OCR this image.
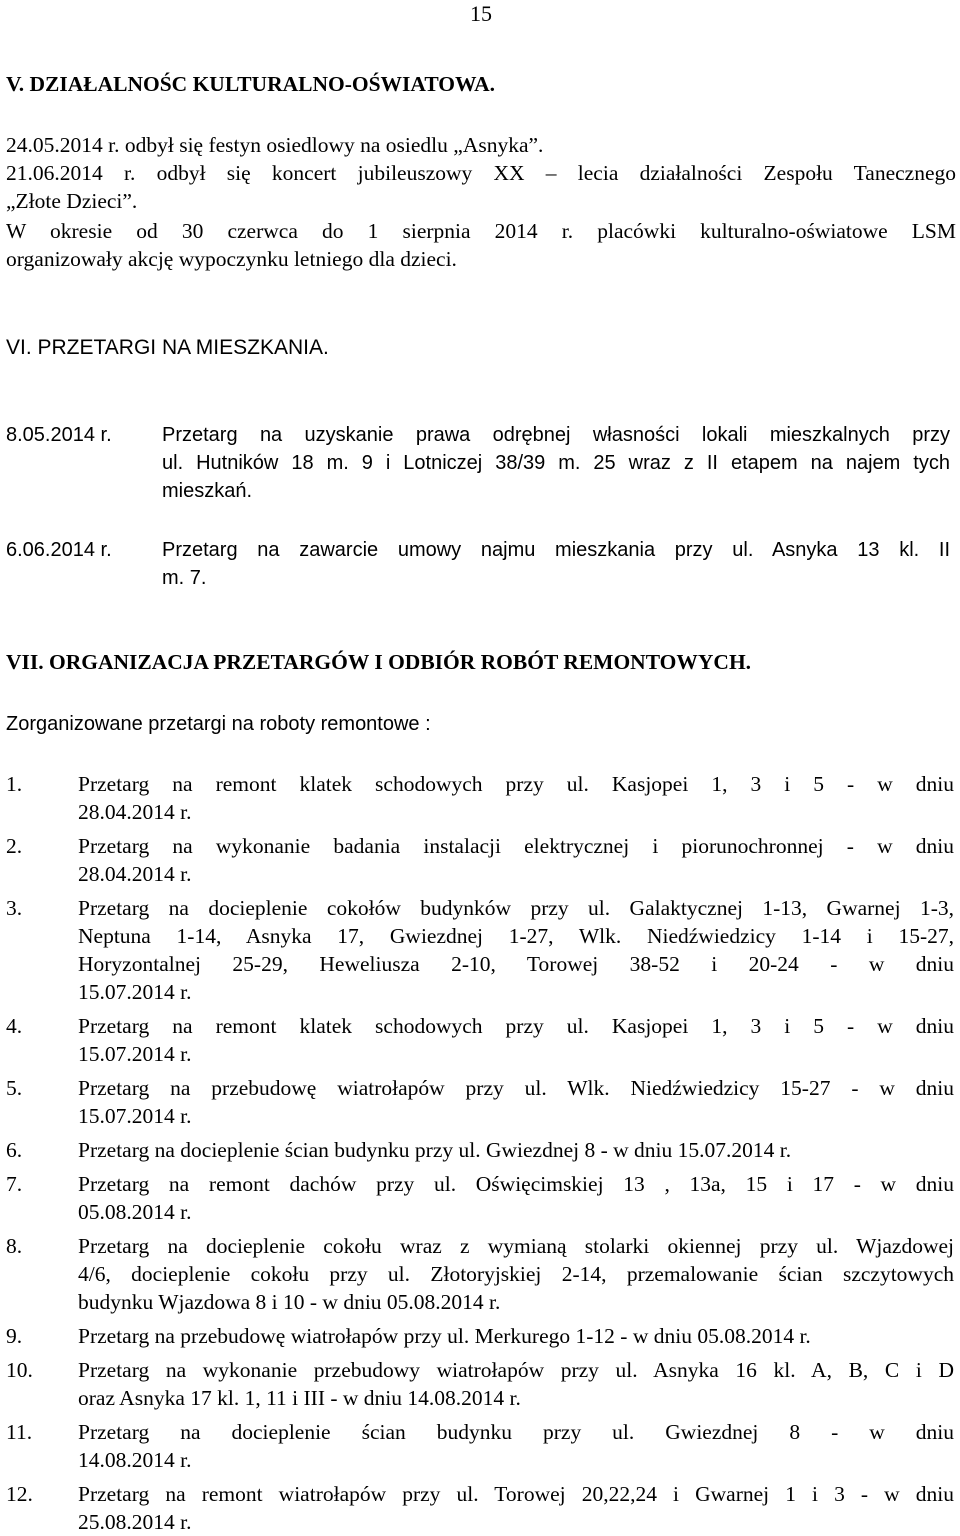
15
V. DZIAŁALNOŚC KULTURALNO-OŚWIATOWA.
24.05.2014 r. odbył się festyn osiedlowy na osiedlu „Asnyka”.
21.06.2014 r. odbył się koncert jubileuszowy XX – lecia działalności Zespołu Tanecznego
„Złote Dzieci”.
W okresie od 30 czerwca do 1 sierpnia 2014 r. placówki kulturalno-oświatowe LSM
organizowały akcję wypoczynku letniego dla dzieci.
VI. PRZETARGI NA MIESZKANIA.
8.05.2014 r.	Przetarg na uzyskanie prawa odrębnej własności lokali mieszkalnych przy
ul. Hutników 18 m. 9 i Lotniczej 38/39 m. 25 wraz z II etapem na najem tych
mieszkań.
6.06.2014 r.	Przetarg na zawarcie umowy najmu mieszkania przy ul. Asnyka 13 kl. II
m. 7.
VII. ORGANIZACJA PRZETARGÓW I ODBIÓR ROBÓT REMONTOWYCH.
Zorganizowane przetargi na roboty remontowe :
1.	Przetarg na remont klatek schodowych przy ul. Kasjopei 1, 3 i 5 - w dniu
28.04.2014 r.
2.	Przetarg na wykonanie badania instalacji elektrycznej i piorunochronnej - w dniu
28.04.2014 r.
3.	Przetarg na docieplenie cokołów budynków przy ul. Galaktycznej 1-13, Gwarnej 1-3,
Neptuna 1-14, Asnyka 17, Gwiezdnej 1-27, Wlk. Niedźwiedzicy 1-14 i 15-27,
Horyzontalnej 25-29, Heweliusza 2-10, Torowej 38-52 i 20-24 - w dniu
15.07.2014 r.
4.	Przetarg na remont klatek schodowych przy ul. Kasjopei 1, 3 i 5 - w dniu
15.07.2014 r.
5.	Przetarg na przebudowę wiatrołapów przy ul. Wlk. Niedźwiedzicy 15-27 - w dniu
15.07.2014 r.
6.	Przetarg na docieplenie ścian budynku przy ul. Gwiezdnej 8 - w dniu 15.07.2014 r.
7.	Przetarg na remont dachów przy ul. Oświęcimskiej 13 , 13a, 15 i 17 - w dniu
05.08.2014 r.
8.	Przetarg na docieplenie cokołu wraz z wymianą stolarki okiennej przy ul. Wjazdowej
4/6, docieplenie cokołu przy ul. Złotoryjskiej 2-14, przemalowanie ścian szczytowych
budynku Wjazdowa 8 i 10 - w dniu 05.08.2014 r.
9.	Przetarg na przebudowę wiatrołapów przy ul. Merkurego 1-12 - w dniu 05.08.2014 r.
10.	Przetarg na wykonanie przebudowy wiatrołapów przy ul. Asnyka 16 kl. A, B, C i D
oraz Asnyka 17 kl. 1, 11 i III - w dniu 14.08.2014 r.
11.	Przetarg na docieplenie ścian budynku przy ul. Gwiezdnej 8 - w dniu
14.08.2014 r.
12.	Przetarg na remont wiatrołapów przy ul. Torowej 20,22,24 i Gwarnej 1 i 3 - w dniu
25.08.2014 r.
